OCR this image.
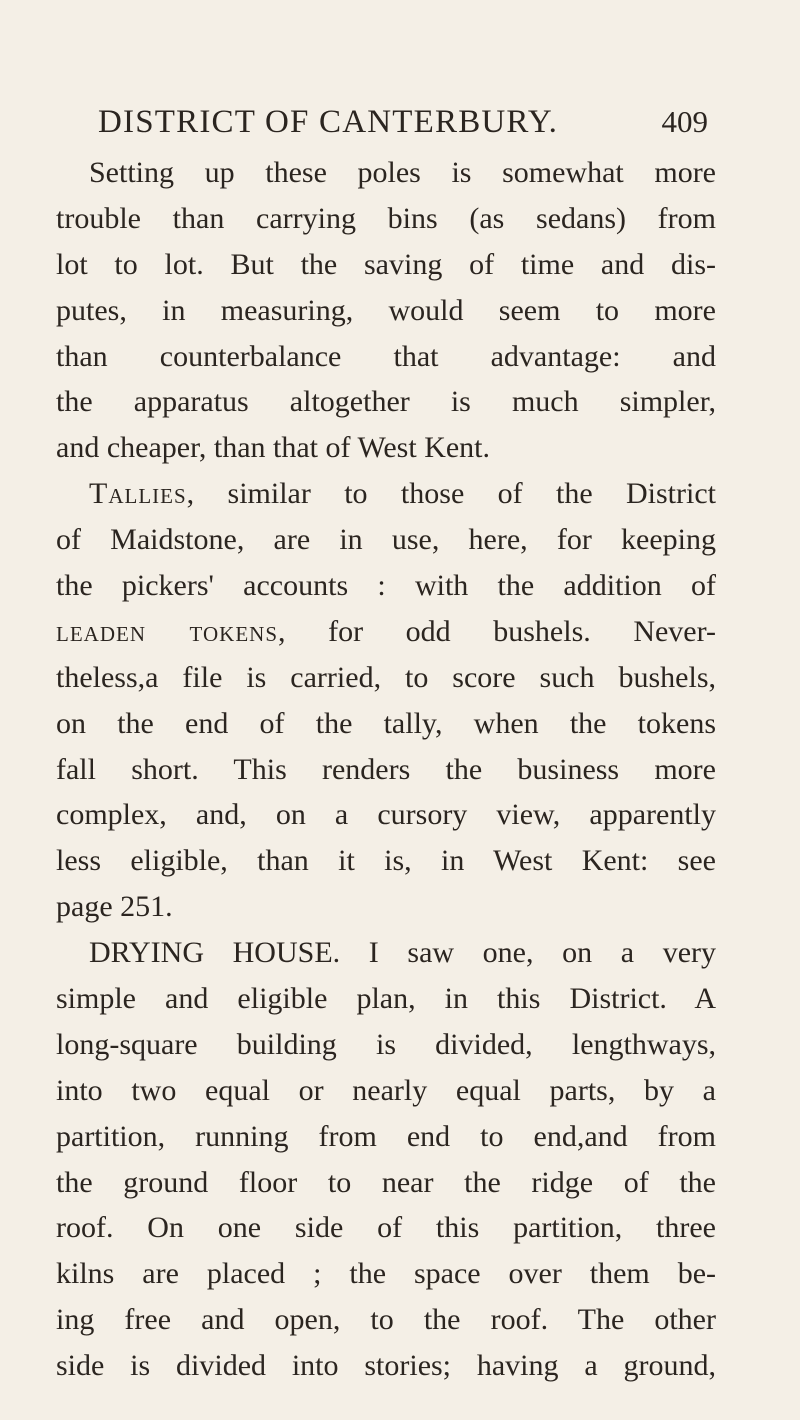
DISTRICT OF CANTERBURY.	409
Setting up these poles is somewhat more
trouble than carrying bins (as sedans) from
lot to lot. But the saving of time and dis-
putes, in measuring, would seem to more
than counterbalance that advantage: and
the apparatus altogether is much simpler,
and cheaper, than that of West Kent.
Tallies, similar to those of the District
of Maidstone, are in use, here, for keeping
the pickers' accounts : with the addition of
leaden tokens, for odd bushels. Never-
theless,a file is carried, to score such bushels,
on the end of the tally, when the tokens
fall short. This renders the business more
complex, and, on a cursory view, apparently
less eligible, than it is, in West Kent: see
page 251.
DRYING HOUSE. I saw one, on a very
simple and eligible plan, in this District. A
long-square building is divided, lengthways,
into two equal or nearly equal parts, by a
partition, running from end to end,and from
the ground floor to near the ridge of the
roof. On one side of this partition, three
kilns are placed ; the space over them be-
ing free and open, to the roof. The other
side is divided into stories; having a ground,
